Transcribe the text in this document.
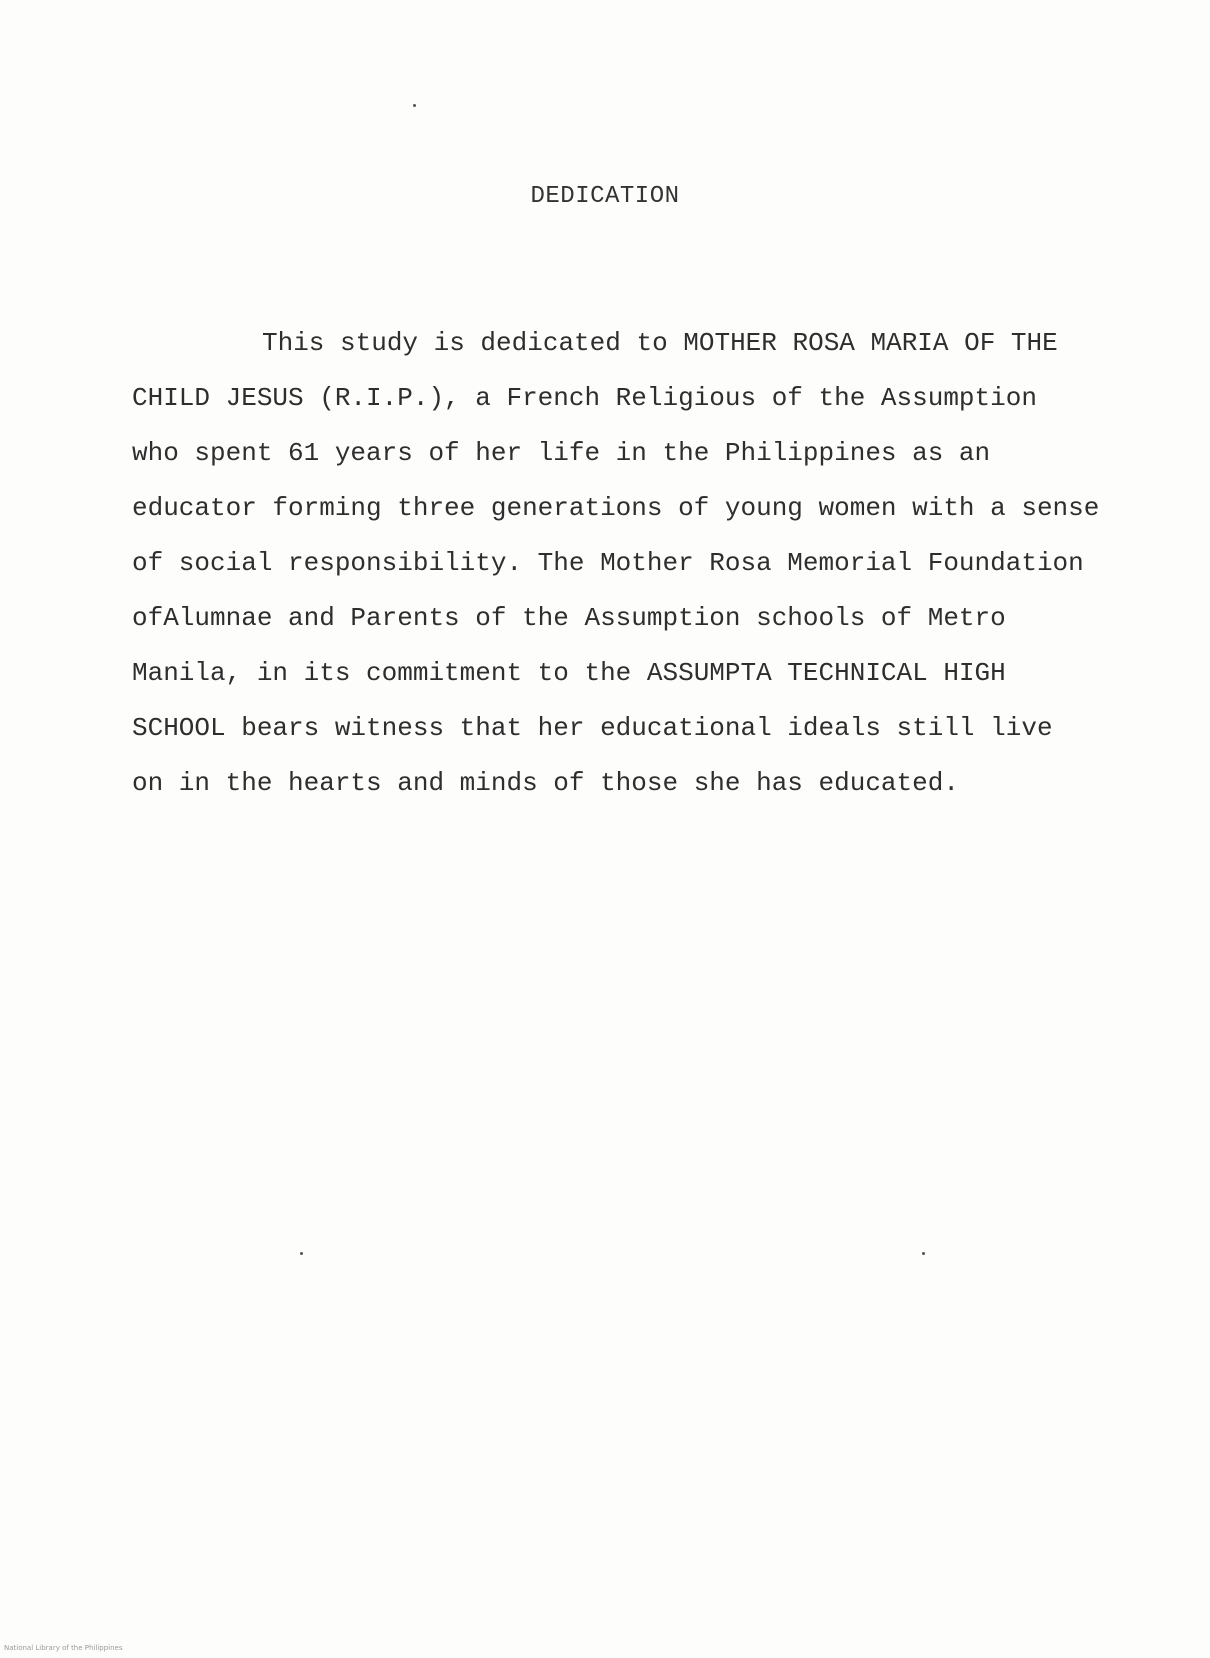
DEDICATION
This study is dedicated to MOTHER ROSA MARIA OF THE
CHILD JESUS (R.I.P.), a French Religious of the Assumption
who spent 61 years of her life in the Philippines as an
educator forming three generations of young women with a sense
of social responsibility. The Mother Rosa Memorial Foundation
ofAlumnae and Parents of the Assumption schools of Metro
Manila, in its commitment to the ASSUMPTA TECHNICAL HIGH
SCHOOL bears witness that her educational ideals still live
on in the hearts and minds of those she has educated.
National Library of the Philippines
